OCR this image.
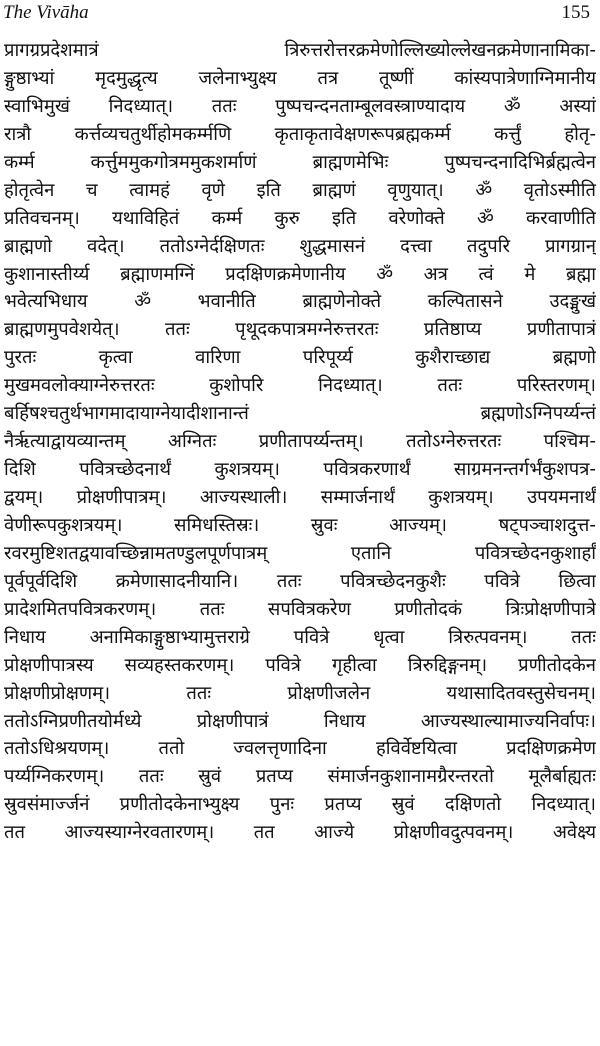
The Vivāha	155
प्रागग्रप्रदेशमात्रं त्रिरुत्तरोत्तरक्रमेणोल्लिख्योल्लेखनक्रमेणानामिका-
ङ्गुष्ठाभ्यां मृदमुद्धृत्य जलेनाभ्युक्ष्य तत्र तूष्णीं कांस्यपात्रेणाग्निमानीय
स्वाभिमुखं निदध्यात्। ततः पुष्पचन्दनताम्बूलवस्त्राण्यादाय ॐ अस्यां
रात्रौ कर्त्तव्यचतुर्थीहोमकर्म्मणि कृताकृतावेक्षणरूपब्रह्मकर्म्म कर्त्तुं होतृ-
कर्म्म कर्त्तुममुकगोत्रममुकशर्माणं ब्राह्मणमेभिः पुष्पचन्दनादिभिर्ब्रह्मत्वेन
होतृत्वेन च त्वामहं वृणे इति ब्राह्मणं वृणुयात्। ॐ वृतोऽस्मीति
प्रतिवचनम्। यथाविहितं कर्म्म कुरु इति वरेणोक्ते ॐ करवाणीति
ब्राह्मणो वदेत्। ततोऽग्नेर्दक्षिणतः शुद्धमासनं दत्त्वा तदुपरि प्रागग्रान्
कुशानास्तीर्य्य ब्रह्माणमग्निं प्रदक्षिणक्रमेणानीय ॐ अत्र त्वं मे ब्रह्मा
भवेत्यभिधाय ॐ भवानीति ब्राह्मणेनोक्ते कल्पितासने उदङ्मुखं
ब्राह्मणमुपवेशयेत्। ततः पृथूदकपात्रमग्नेरुत्तरतः प्रतिष्ठाप्य प्रणीतापात्रं
पुरतः कृत्वा वारिणा परिपूर्य्य कुशैराच्छाद्य ब्रह्मणो
मुखमवलोक्याग्नेरुत्तरतः कुशोपरि निदध्यात्। ततः परिस्तरणम्।
बर्हिषश्चतुर्थभागमादायाग्नेयादीशानान्तं ब्रह्मणोऽग्निपर्य्यन्तं
नैर्ऋत्याद्वायव्यान्तम् अग्नितः प्रणीतापर्य्यन्तम्। ततोऽग्नेरुत्तरतः पश्चिम-
दिशि पवित्रच्छेदनार्थं कुशत्रयम्। पवित्रकरणार्थं साग्रमनन्तर्गर्भंकुशपत्र-
द्वयम्। प्रोक्षणीपात्रम्। आज्यस्थाली। सम्मार्जनार्थं कुशत्रयम्। उपयमनार्थं
वेणीरूपकुशत्रयम्। समिधस्तिस्रः। स्रुवः आज्यम्। षट्पञ्चाशदुत्त-
रवरमुष्टिशतद्वयावच्छिन्नामतण्डुलपूर्णपात्रम् एतानि पवित्रच्छेदनकुशार्हां
पूर्वपूर्वदिशि क्रमेणासादनीयानि। ततः पवित्रच्छेदनकुशैः पवित्रे छित्वा
प्रादेशमितपवित्रकरणम्। ततः सपवित्रकरेण प्रणीतोदकं त्रिःप्रोक्षणीपात्रे
निधाय अनामिकाङ्गुष्ठाभ्यामुत्तराग्रे पवित्रे धृत्वा त्रिरुत्पवनम्। ततः
प्रोक्षणीपात्रस्य सव्यहस्तकरणम्। पवित्रे गृहीत्वा त्रिरुद्दिङ्गनम्। प्रणीतोदकेन
प्रोक्षणीप्रोक्षणम्। ततः प्रोक्षणीजलेन यथासादितवस्तुसेचनम्।
ततोऽग्निप्रणीतयोर्मध्ये प्रोक्षणीपात्रं निधाय आज्यस्थाल्यामाज्यनिर्वापः।
ततोऽधिश्रयणम्। ततो ज्वलत्तृणादिना हविर्वेष्टयित्वा प्रदक्षिणक्रमेण
पर्य्यग्निकरणम्। ततः स्रुवं प्रतप्य संमार्जनकुशानामग्रैरन्तरतो मूलैर्बाह्यतः
स्रुवसंमार्ज्जनं प्रणीतोदकेनाभ्युक्ष्य पुनः प्रतप्य स्रुवं दक्षिणतो निदध्यात्।
तत आज्यस्याग्नेरवतारणम्। तत आज्ये प्रोक्षणीवदुत्पवनम्। अवेक्ष्य
